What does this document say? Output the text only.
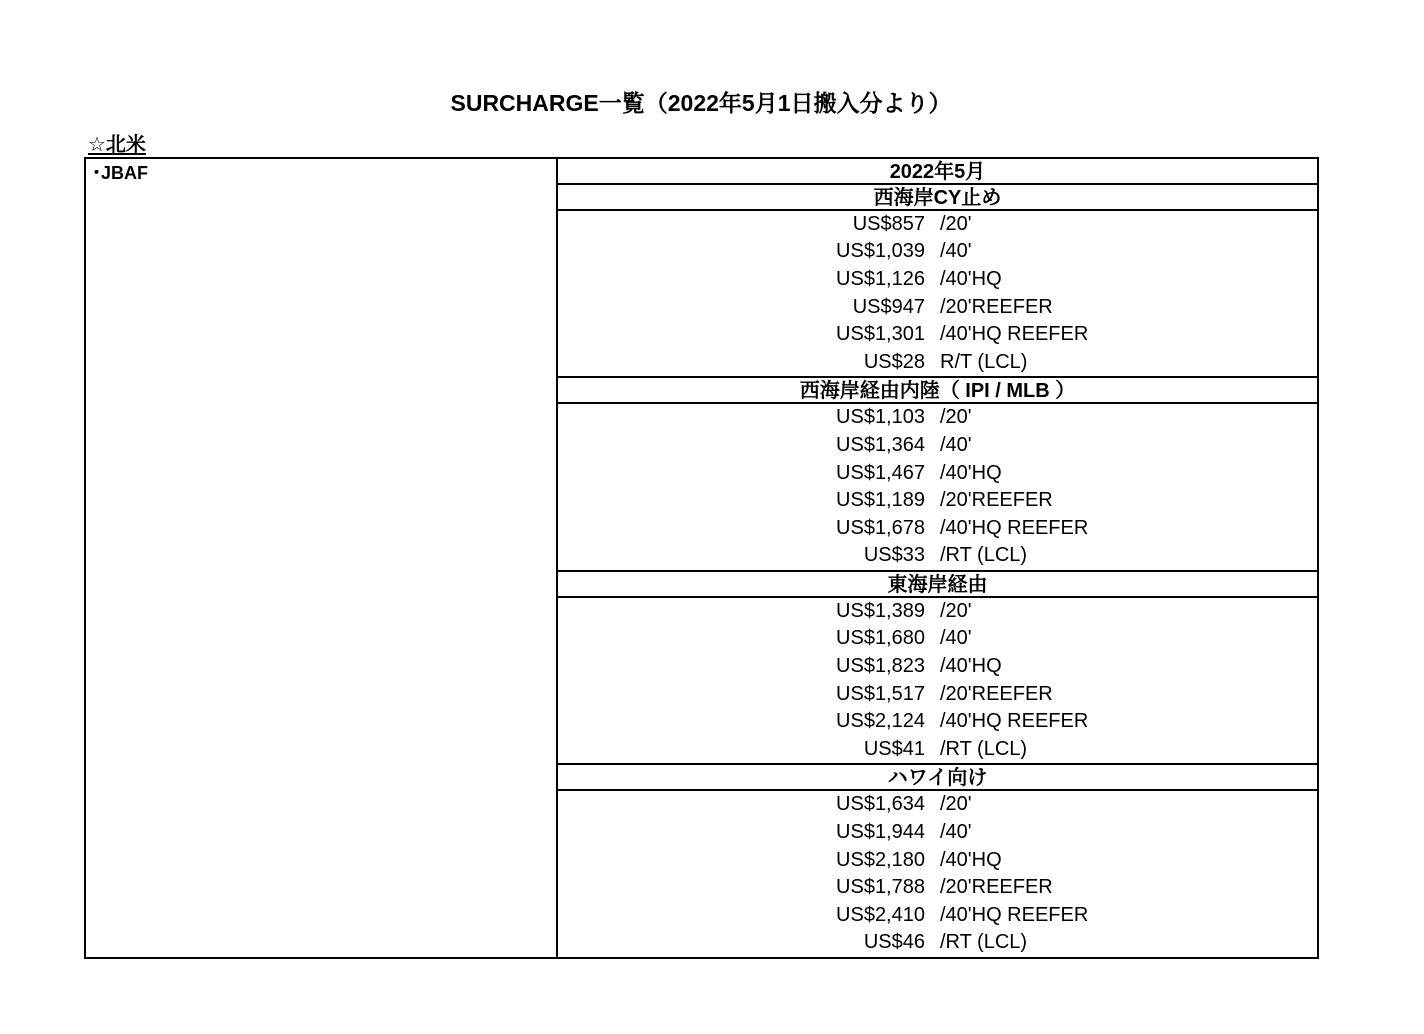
SURCHARGE一覧（2022年5月1日搬入分より）
☆北米
･JBAF	2022年5月
西海岸CY止め
US$857 /20'
US$1,039 /40'
US$1,126 /40'HQ
US$947 /20'REEFER
US$1,301 /40'HQ REEFER
US$28 R/T (LCL)
西海岸経由内陸（ IPI / MLB ）
US$1,103 /20'
US$1,364 /40'
US$1,467 /40'HQ
US$1,189 /20'REEFER
US$1,678 /40'HQ REEFER
US$33 /RT (LCL)
東海岸経由
US$1,389 /20'
US$1,680 /40'
US$1,823 /40'HQ
US$1,517 /20'REEFER
US$2,124 /40'HQ REEFER
US$41 /RT (LCL)
ハワイ向け
US$1,634 /20'
US$1,944 /40'
US$2,180 /40'HQ
US$1,788 /20'REEFER
US$2,410 /40'HQ REEFER
US$46 /RT (LCL)
